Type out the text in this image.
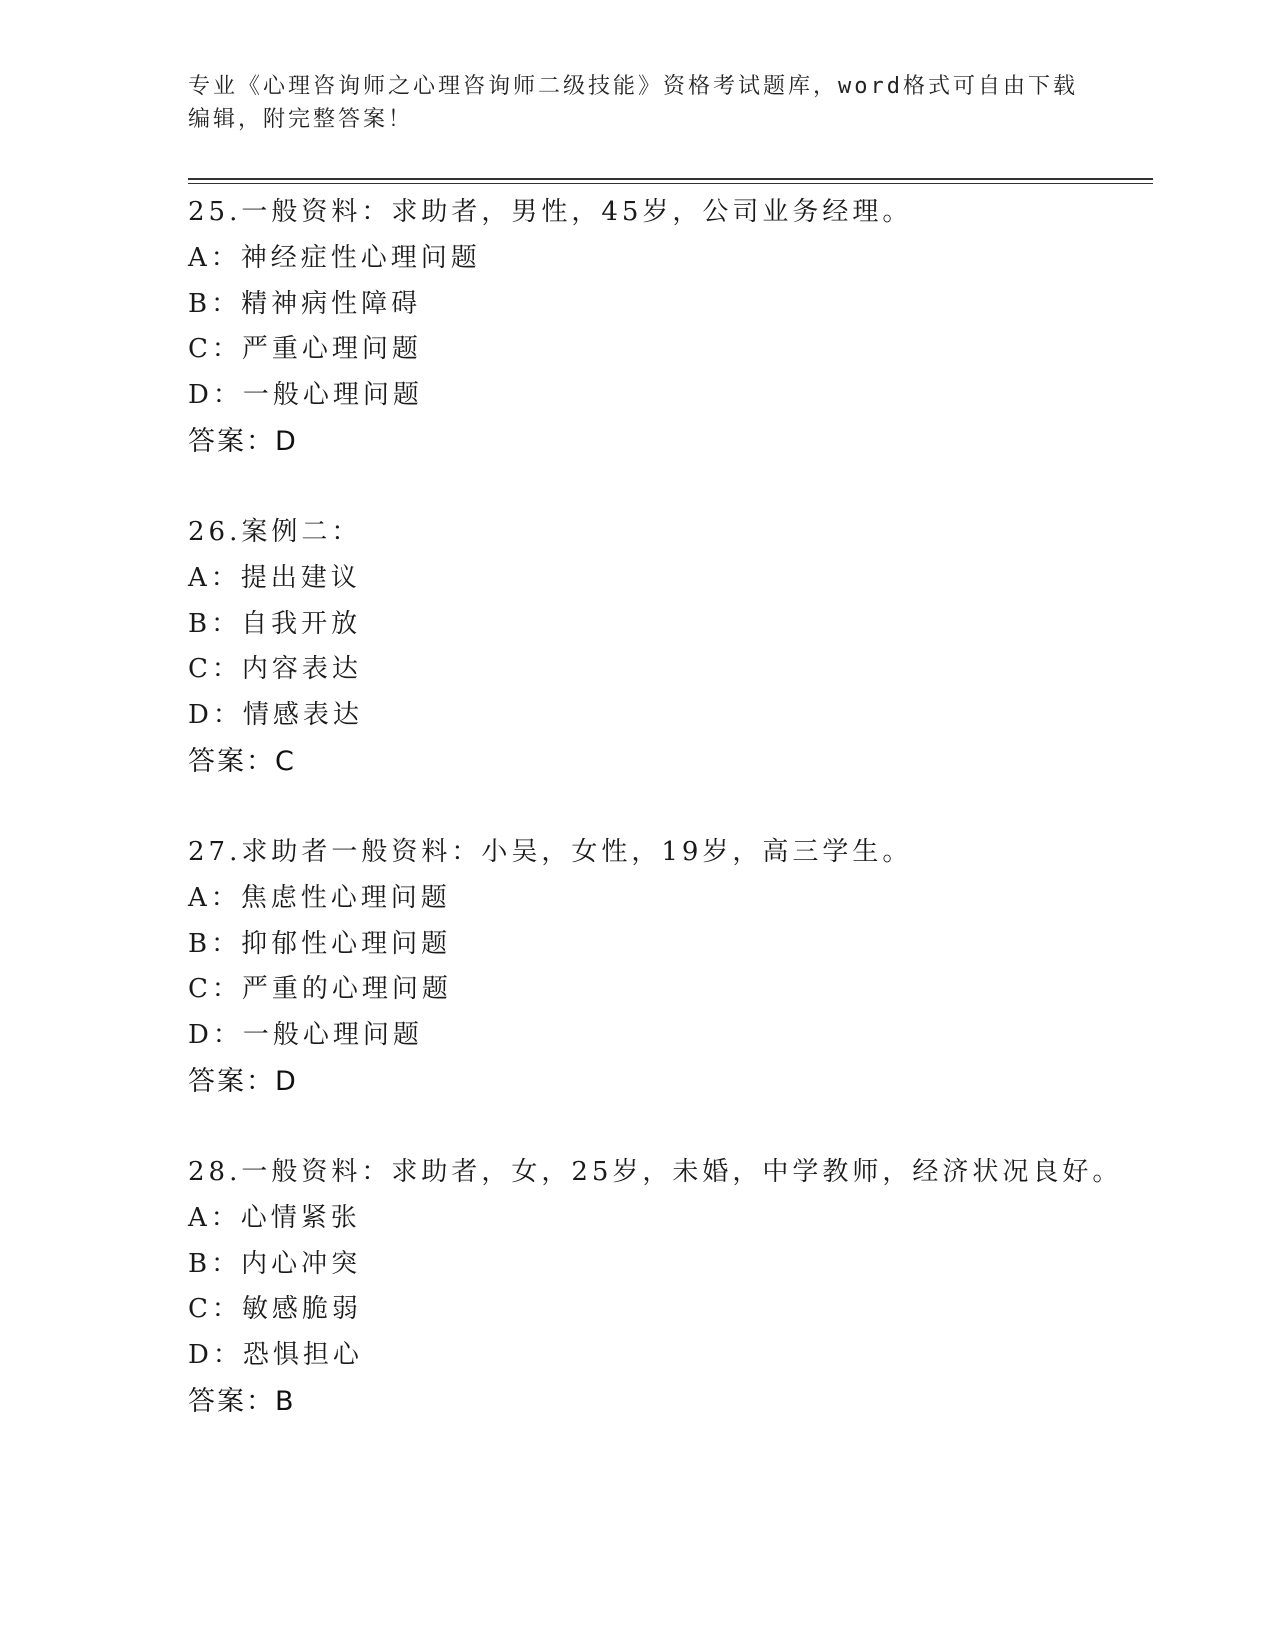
专业《心理咨询师之心理咨询师二级技能》资格考试题库，word格式可自由下载
编辑，附完整答案！
25.一般资料：求助者，男性，45岁，公司业务经理。
A：神经症性心理问题
B：精神病性障碍
C：严重心理问题
D：一般心理问题
答案：D
26.案例二：
A：提出建议
B：自我开放
C：内容表达
D：情感表达
答案：C
27.求助者一般资料：小吴，女性，19岁，高三学生。
A：焦虑性心理问题
B：抑郁性心理问题
C：严重的心理问题
D：一般心理问题
答案：D
28.一般资料：求助者，女，25岁，未婚，中学教师，经济状况良好。
A：心情紧张
B：内心冲突
C：敏感脆弱
D：恐惧担心
答案：B
